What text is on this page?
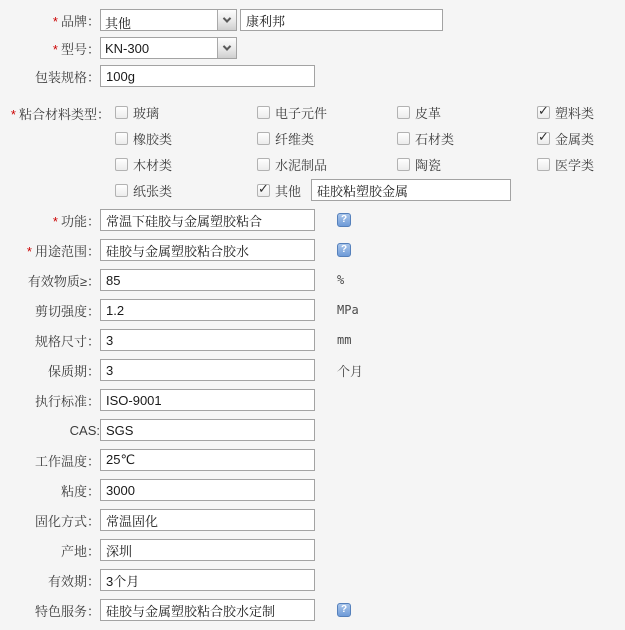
* 品牌： 其他
康利邦
* 型号： KN-300
包装规格：
100g
* 粘合材料类型： 玻璃	电子元件	皮革	✓ 塑料类
橡胶类	纤维类	石材类	✓ 金属类
木材类	水泥制品	陶瓷	医学类
纸张类	✓ 其他
硅胶粘塑胶金属
* 功能：
常温下硅胶与金属塑胶粘合	?
* 用途范围：
硅胶与金属塑胶粘合胶水	?
有效物质≥：
85	%
剪切强度：
1.2	MPa
规格尺寸：
3	mm
保质期：
3	个月
执行标准：
ISO-9001
CAS:
SGS
工作温度：
25℃
粘度：
3000
固化方式：
常温固化
产地：
深圳
有效期：
3个月
特色服务：
硅胶与金属塑胶粘合胶水定制	?
